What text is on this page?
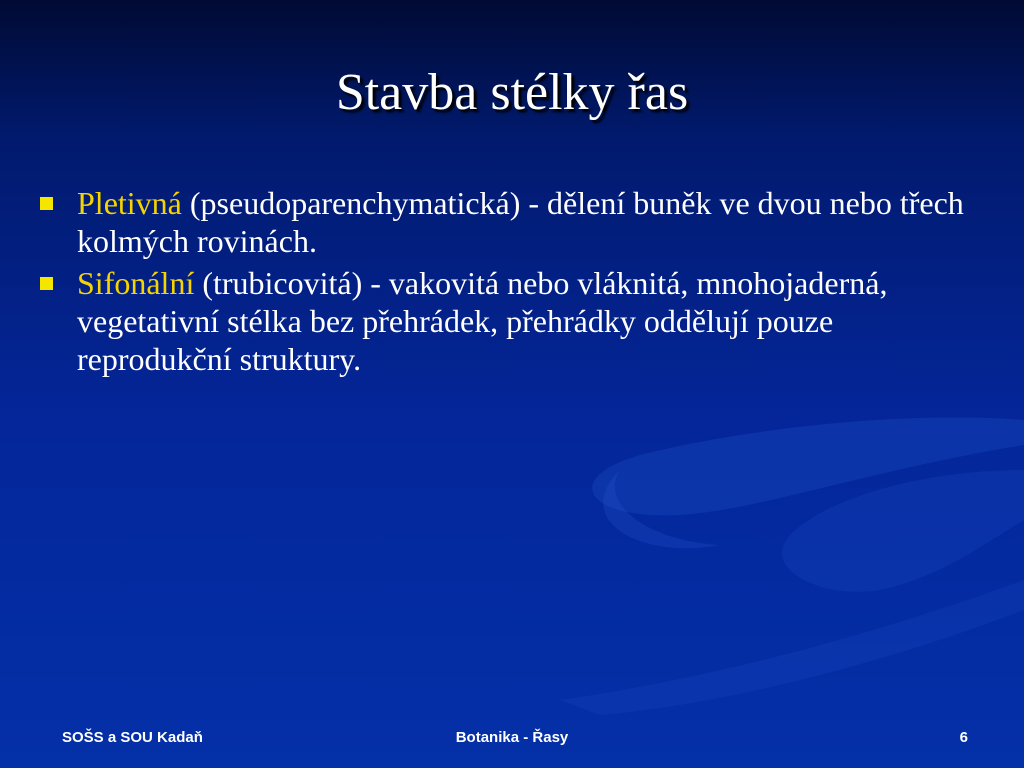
Stavba stélky řas
Pletivná (pseudoparenchymatická) - dělení buněk ve dvou nebo třech kolmých rovinách.
Sifonální (trubicovitá) - vakovitá nebo vláknitá, mnohojaderná, vegetativní stélka bez přehrádek, přehrádky oddělují pouze reprodukční struktury.
SOŠS a SOU Kadaň	Botanika - Řasy	6
